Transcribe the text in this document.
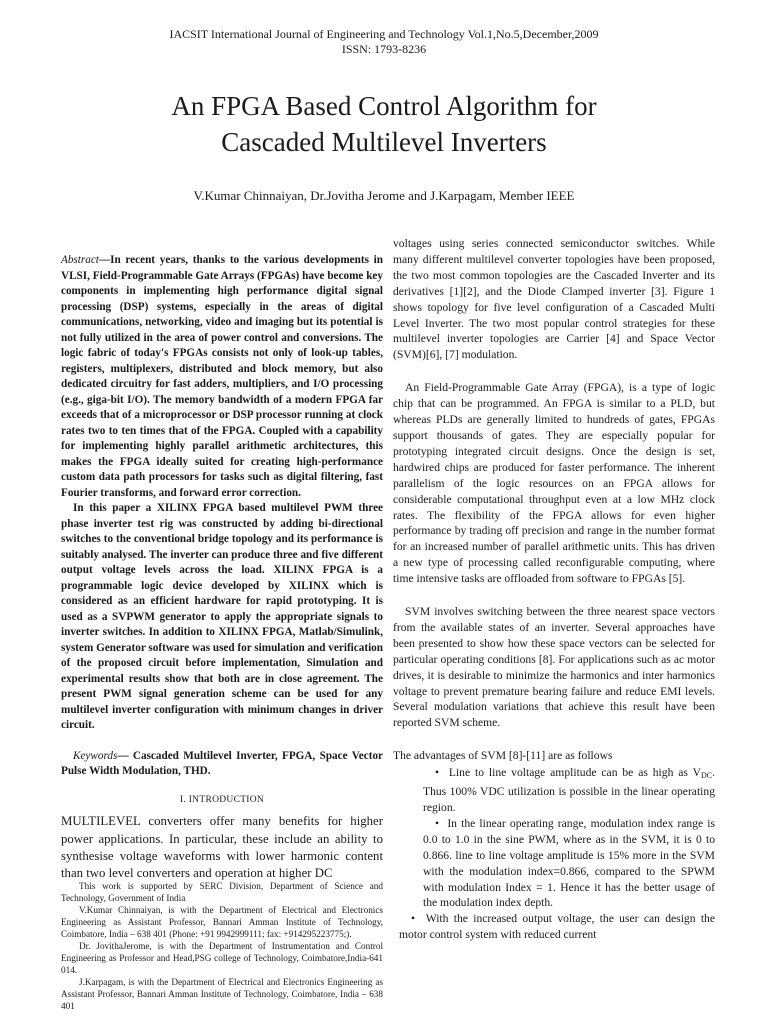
IACSIT International Journal of Engineering and Technology Vol.1,No.5,December,2009
ISSN: 1793-8236
An FPGA Based Control Algorithm for
Cascaded Multilevel Inverters
V.Kumar Chinnaiyan, Dr.Jovitha Jerome and J.Karpagam, Member IEEE

Abstract—In recent years, thanks to the various developments in VLSI, Field-Programmable Gate Arrays (FPGAs) have become key components in implementing high performance digital signal processing (DSP) systems, especially in the areas of digital communications, networking, video and imaging but its potential is not fully utilized in the area of power control and conversions. The logic fabric of today's FPGAs consists not only of look-up tables, registers, multiplexers, distributed and block memory, but also dedicated circuitry for fast adders, multipliers, and I/O processing (e.g., giga-bit I/O). The memory bandwidth of a modern FPGA far exceeds that of a microprocessor or DSP processor running at clock rates two to ten times that of the FPGA. Coupled with a capability for implementing highly parallel arithmetic architectures, this makes the FPGA ideally suited for creating high-performance custom data path processors for tasks such as digital filtering, fast Fourier transforms, and forward error correction.

In this paper a XILINX FPGA based multilevel PWM three phase inverter test rig was constructed by adding bi-directional switches to the conventional bridge topology and its performance is suitably analysed. The inverter can produce three and five different output voltage levels across the load. XILINX FPGA is a programmable logic device developed by XILINX which is considered as an efficient hardware for rapid prototyping. It is used as a SVPWM generator to apply the appropriate signals to inverter switches. In addition to XILINX FPGA, Matlab/Simulink, system Generator software was used for simulation and verification of the proposed circuit before implementation, Simulation and experimental results show that both are in close agreement. The present PWM signal generation scheme can be used for any multilevel inverter configuration with minimum changes in driver circuit.

Keywords— Cascaded Multilevel Inverter, FPGA, Space Vector Pulse Width Modulation, THD.

I. INTRODUCTION

MULTILEVEL converters offer many benefits for higher power applications. In particular, these include an ability to synthesise voltage waveforms with lower harmonic content than two level converters and operation at higher DC

This work is supported by SERC Division, Department of Science and Technology, Government of India

V.Kumar Chinnaiyan, is with the Department of Electrical and Electronics Engineering as Assistant Professor, Bannari Amman Institute of Technology, Coimbatore, India – 638 401 (Phone: +91 9942999111; fax: +914295223775;).

Dr. JovithaJerome, is with the Department of Instrumentation and Control Engineering as Professor and Head,PSG college of Technology, Coimbatore,India-641 014.

J.Karpagam, is with the Department of Electrical and Electronics Engineering as Assistant Professor, Bannari Amman Institute of Technology, Coimbatore, India – 638 401

voltages using series connected semiconductor switches. While many different multilevel converter topologies have been proposed, the two most common topologies are the Cascaded Inverter and its derivatives [1][2], and the Diode Clamped inverter [3]. Figure 1 shows topology for five level configuration of a Cascaded Multi Level Inverter. The two most popular control strategies for these multilevel inverter topologies are Carrier [4] and Space Vector (SVM)[6], [7] modulation.

An Field-Programmable Gate Array (FPGA), is a type of logic chip that can be programmed. An FPGA is similar to a PLD, but whereas PLDs are generally limited to hundreds of gates, FPGAs support thousands of gates. They are especially popular for prototyping integrated circuit designs. Once the design is set, hardwired chips are produced for faster performance. The inherent parallelism of the logic resources on an FPGA allows for considerable computational throughput even at a low MHz clock rates. The flexibility of the FPGA allows for even higher performance by trading off precision and range in the number format for an increased number of parallel arithmetic units. This has driven a new type of processing called reconfigurable computing, where time intensive tasks are offloaded from software to FPGAs [5].

SVM involves switching between the three nearest space vectors from the available states of an inverter. Several approaches have been presented to show how these space vectors can be selected for particular operating conditions [8]. For applications such as ac motor drives, it is desirable to minimize the harmonics and inter harmonics voltage to prevent premature bearing failure and reduce EMI levels. Several modulation variations that achieve this result have been reported SVM scheme.

The advantages of SVM [8]-[11] are as follows

• Line to line voltage amplitude can be as high as $V_{DC}$. Thus 100% VDC utilization is possible in the linear operating region.
• In the linear operating range, modulation index range is 0.0 to 1.0 in the sine PWM, where as in the SVM, it is 0 to 0.866. line to line voltage amplitude is 15% more in the SVM with the modulation index=0.866, compared to the SPWM with modulation Index = 1. Hence it has the better usage of the modulation index depth.
• With the increased output voltage, the user can design the motor control system with reduced current
